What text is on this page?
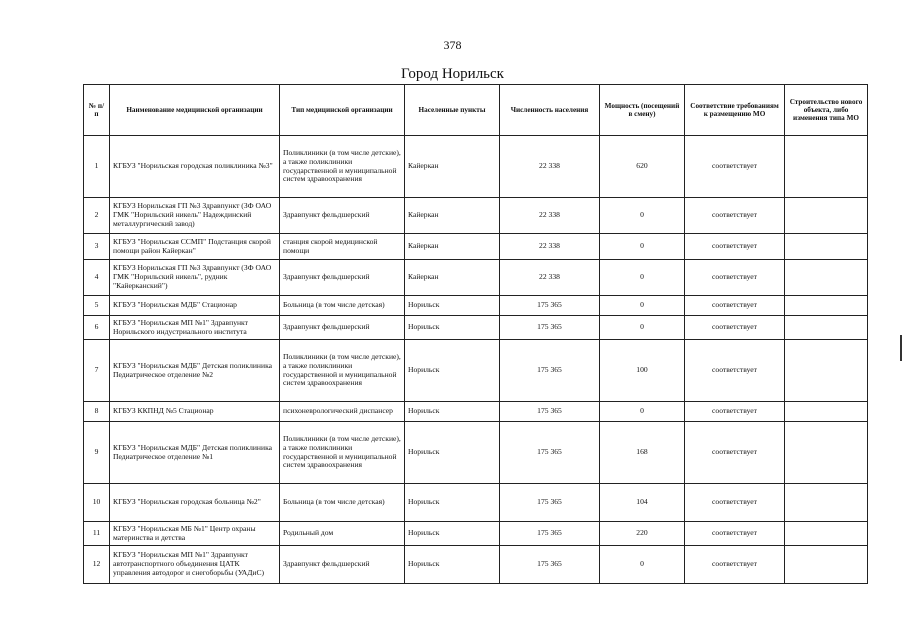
378
Город Норильск
№ п/п	Наименование медицинской организации	Тип медицинской организации	Населенные пункты	Численность населения	Мощность (посещений в смену)	Соответствие требованиям к размещению МО	Строительство нового объекта, либо изменения типа МО
1	КГБУЗ "Норильская городская поликлиника №3"	Поликлиники (в том числе детские), а также поликлиники государственной и муниципальной систем здравоохранения	Кайеркан	22 338	620	соответствует	
2	КГБУЗ Норильская ГП №3 Здравпункт (ЗФ ОАО ГМК "Норильский никель" Надеждинский металлургический завод)	Здравпункт фельдшерский	Кайеркан	22 338	0	соответствует	
3	КГБУЗ "Норильская ССМП" Подстанция скорой помощи район Кайеркан"	станция скорой медицинской помощи	Кайеркан	22 338	0	соответствует	
4	КГБУЗ Норильская ГП №3 Здравпункт (ЗФ ОАО ГМК "Норильский никель", рудник "Кайерканский")	Здравпункт фельдшерский	Кайеркан	22 338	0	соответствует	
5	КГБУЗ "Норильская МДБ" Стационар	Больница (в том числе детская)	Норильск	175 365	0	соответствует	
6	КГБУЗ "Норильская МП №1" Здравпункт Норильского индустриального института	Здравпункт фельдшерский	Норильск	175 365	0	соответствует	
7	КГБУЗ "Норильская МДБ" Детская поликлиника Педиатрическое отделение №2	Поликлиники (в том числе детские), а также поликлиники государственной и муниципальной систем здравоохранения	Норильск	175 365	100	соответствует	
8	КГБУЗ ККПНД №5 Стационар	психоневрологический диспансер	Норильск	175 365	0	соответствует	
9	КГБУЗ "Норильская МДБ" Детская поликлиника Педиатрическое отделение №1	Поликлиники (в том числе детские), а также поликлиники государственной и муниципальной систем здравоохранения	Норильск	175 365	168	соответствует	
10	КГБУЗ "Норильская городская больница №2"	Больница (в том числе детская)	Норильск	175 365	104	соответствует	
11	КГБУЗ "Норильская МБ №1" Центр охраны материнства и детства	Родильный дом	Норильск	175 365	220	соответствует	
12	КГБУЗ "Норильская МП №1" Здравпункт автотранспортного объединения ЦАТК управления автодорог и снегоборьбы (УАДиС)	Здравпункт фельдшерский	Норильск	175 365	0	соответствует	
